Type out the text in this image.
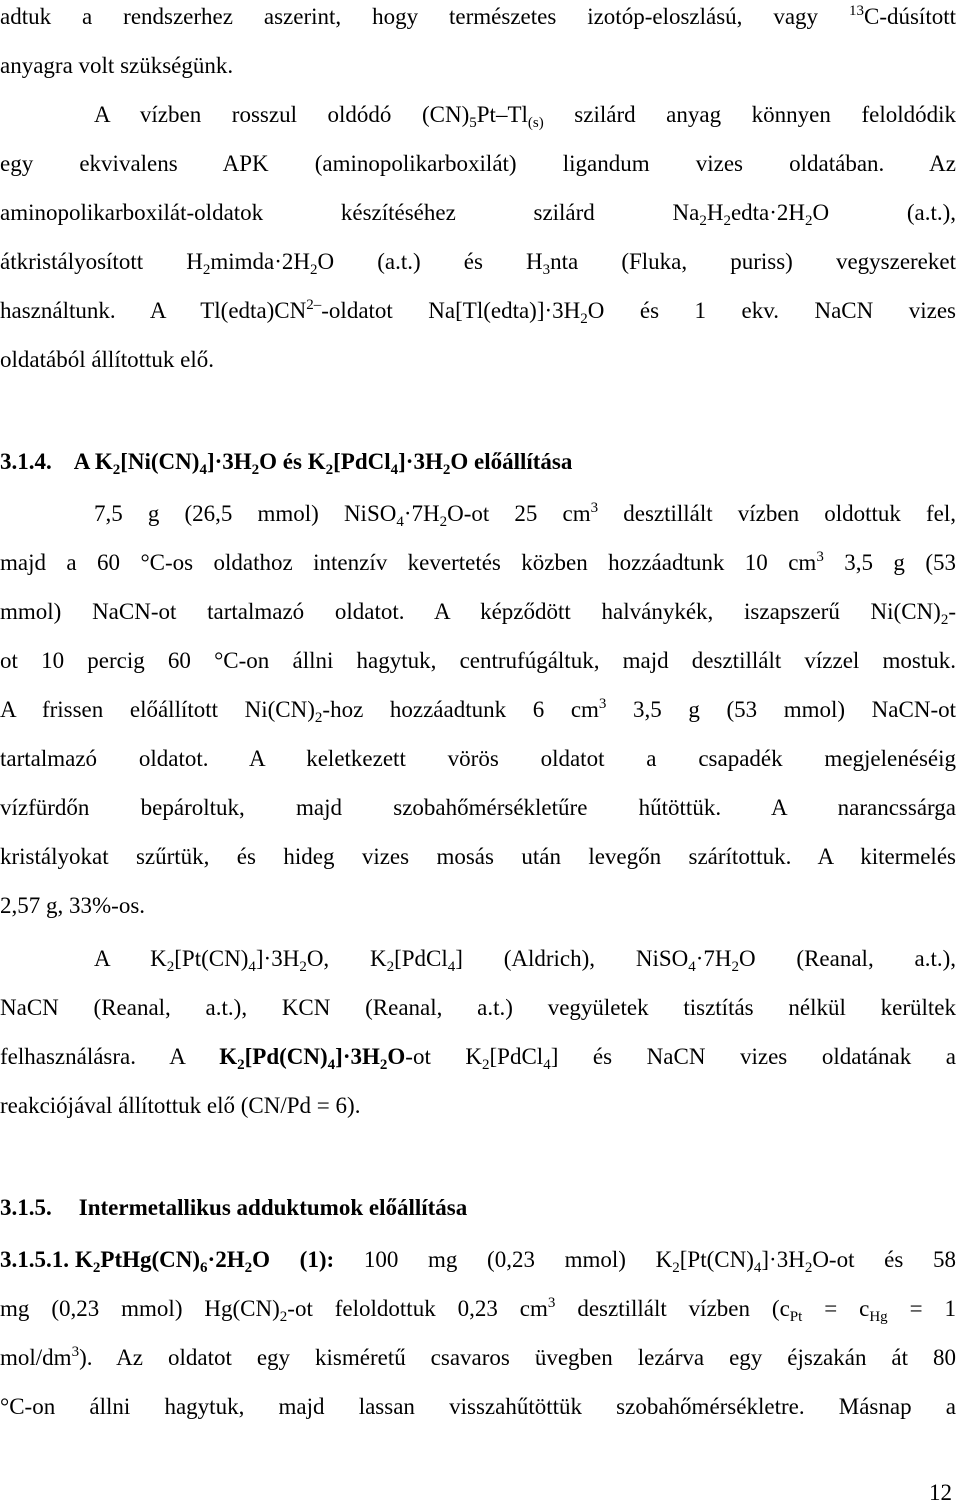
adtuk a rendszerhez aszerint, hogy természetes izotóp-eloszlású, vagy $^{13}$C-dúsított
anyagra volt szükségünk.
A vízben rosszul oldódó $(CN)_5Pt-Tl_{(s)}$ szilárd anyag könnyen feloldódik
egy ekvivalens APK (aminopolikarboxilát) ligandum vizes oldatában. Az
aminopolikarboxilát-oldatok készítéséhez szilárd $Na_2H_2edta\cdot 2H_2O$ (a.t.),
átkristályosított $H_2mimda\cdot 2H_2O$ (a.t.) és $H_3nta$ (Fluka, puriss) vegyszereket
használtunk. A $Tl(edta)CN^{2-}$-oldatot $Na[Tl(edta)]\cdot 3H_2O$ és 1 ekv. NaCN vizes
oldatából állítottuk elő.
3.1.4. A $K_2[Ni(CN)_4]\cdot 3H_2O$ és $K_2[PdCl_4]\cdot 3H_2O$ előállítása
7,5 g (26,5 mmol) $NiSO_4\cdot 7H_2O-ot$ 25 $cm^3$ desztillált vízben oldottuk fel,
majd a 60 °C-os oldathoz intenzív kevertetés közben hozzáadtunk 10 $cm^3$ 3,5 g (53
mmol) NaCN-ot tartalmazó oldatot. A képződött halványkék, iszapszerű $Ni(CN)_2-$
ot 10 percig 60 °C-on állni hagytuk, centrufúgáltuk, majd desztillált vízzel mostuk.
A frissen előállított $Ni(CN)_2$-hoz hozzáadtunk 6 $cm^3$ 3,5 g (53 mmol) NaCN-ot
tartalmazó oldatot. A keletkezett vörös oldatot a csapadék megjelenéséig
vízfürdőn bepároltuk, majd szobahőmérsékletűre hűtöttük. A narancssárga
kristályokat szűrtük, és hideg vizes mosás után levegőn szárítottuk. A kitermelés
2,57 g, 33%-os.
A $K_2[Pt(CN)_4]\cdot 3H_2O$, $K_2[PdCl_4]$ (Aldrich), $NiSO_4\cdot 7H_2O$ (Reanal, a.t.),
NaCN (Reanal, a.t.), KCN (Reanal, a.t.) vegyületek tisztítás nélkül kerültek
felhasználásra. A $K_2[Pd(CN)_4]\cdot 3H_2O-ot$ $K_2[PdCl_4]$ és NaCN vizes oldatának a
reakciójával állítottuk elő (CN/Pd = 6).
3.1.5. Intermetallikus adduktumok előállítása
3.1.5.1. $K_2PtHg(CN)_6\cdot 2H_2O$ (1): 100 mg (0,23 mmol) $K_2[Pt(CN)_4]\cdot 3H_2O-ot$ és 58
mg (0,23 mmol) $Hg(CN)_2-ot$ feloldottuk 0,23 $cm^3$ desztillált vízben ($c_{Pt} = c_{Hg} = 1$
mol/$dm^3$). Az oldatot egy kisméretű csavaros üvegben lezárva egy éjszakán át 80
°C-on állni hagytuk, majd lassan visszahűtöttük szobahőmérsékletre. Másnap a
12
